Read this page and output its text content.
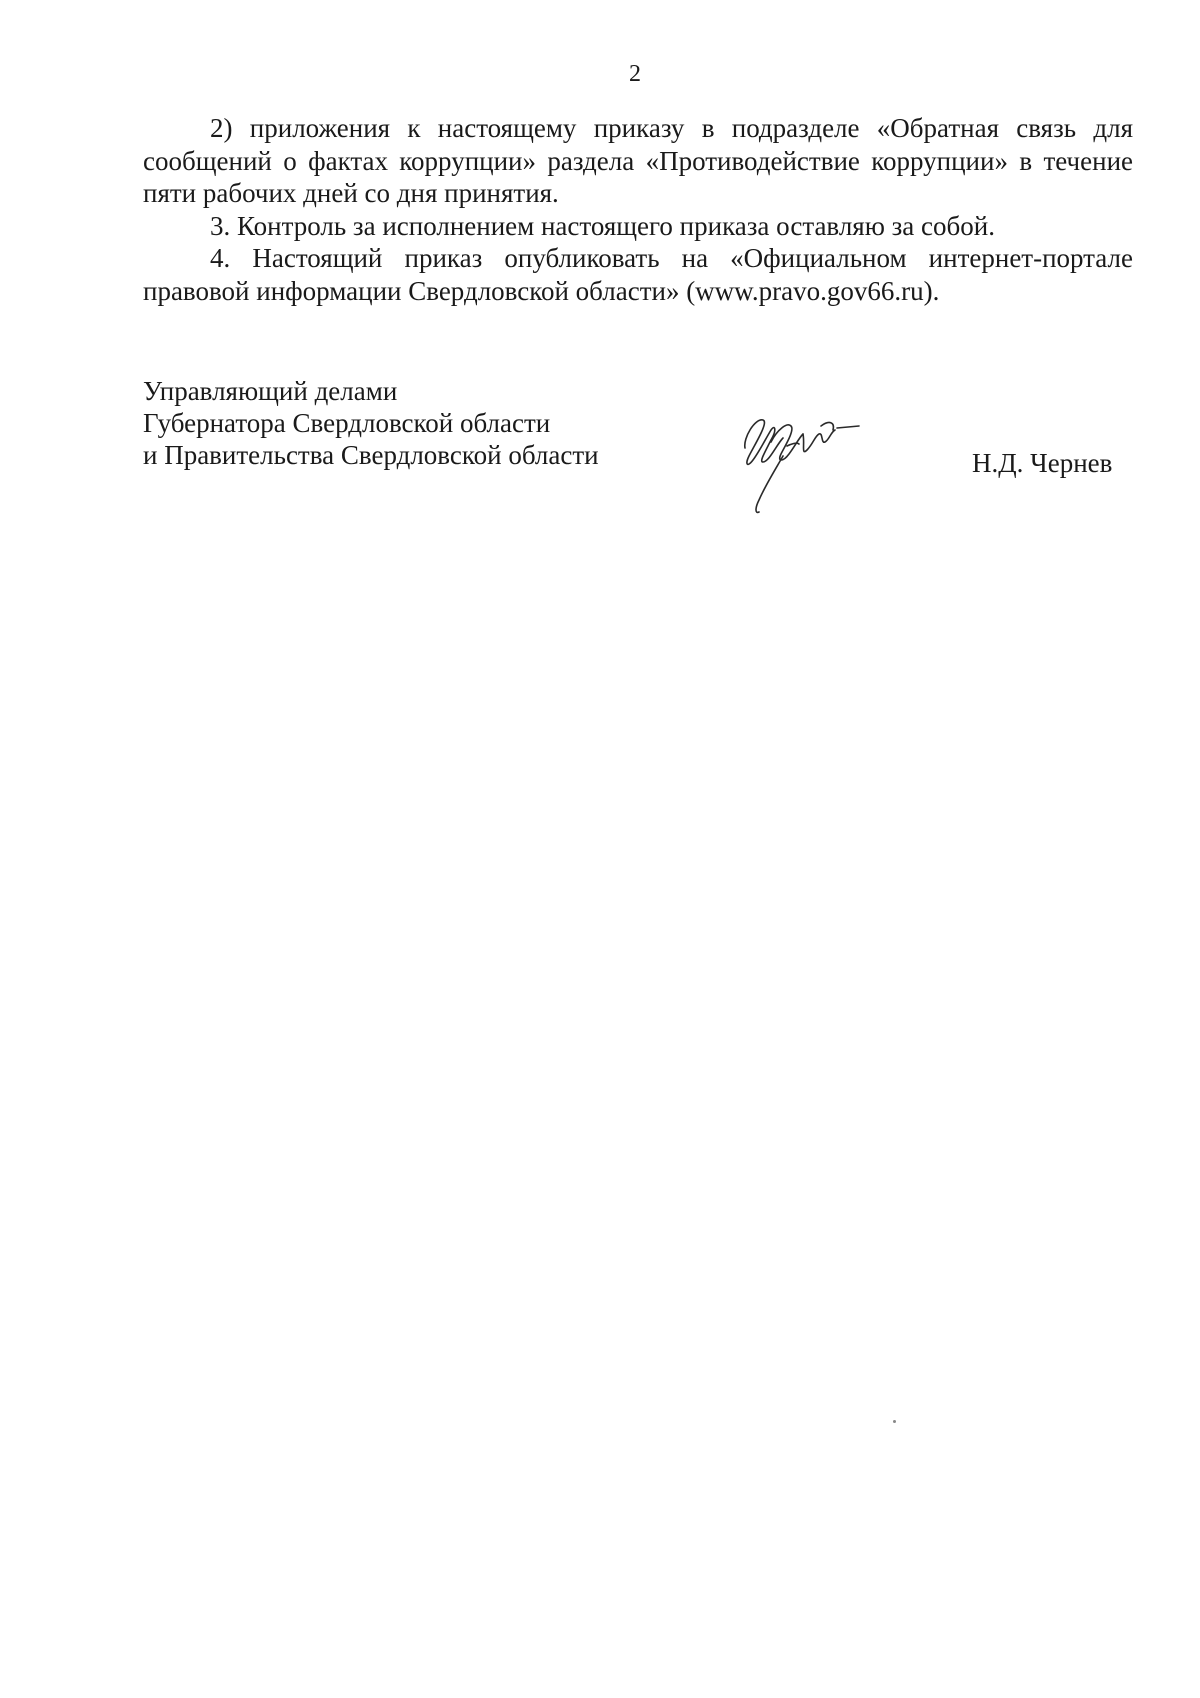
2

2) приложения к настоящему приказу в подразделе «Обратная связь для сообщений о фактах коррупции» раздела «Противодействие коррупции» в течение пяти рабочих дней со дня принятия.

3. Контроль за исполнением настоящего приказа оставляю за собой.

4. Настоящий приказ опубликовать на «Официальном интернет-портале правовой информации Свердловской области» (www.pravo.gov66.ru).

Управляющий делами
Губернатора Свердловской области
и Правительства Свердловской области	Н.Д. Чернев
